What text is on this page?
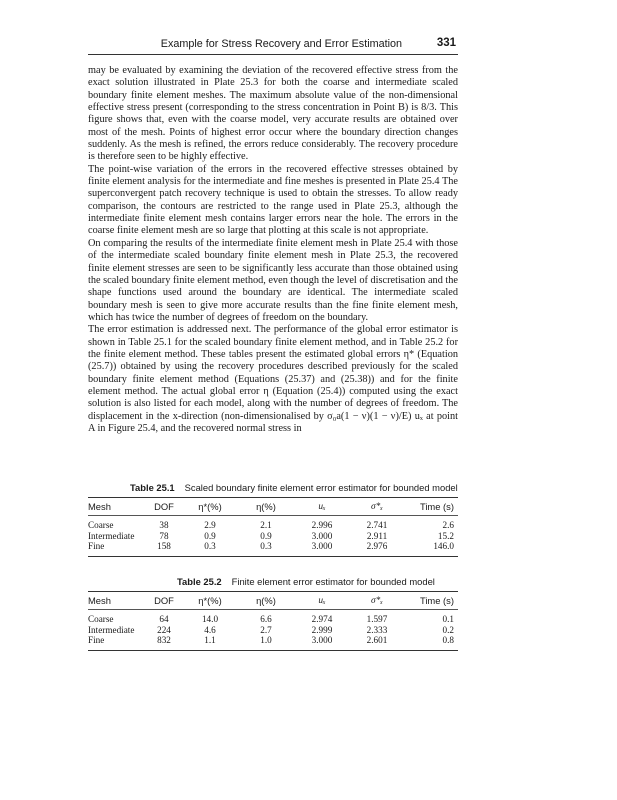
Example for Stress Recovery and Error Estimation	331

may be evaluated by examining the deviation of the recovered effective stress from the exact solution illustrated in Plate 25.3 for both the coarse and intermediate scaled boundary finite element meshes. The maximum absolute value of the non-dimensional effective stress present (corresponding to the stress concentration in Point B) is 8/3. This figure shows that, even with the coarse model, very accurate results are obtained over most of the mesh. Points of highest error occur where the boundary direction changes suddenly. As the mesh is refined, the errors reduce considerably. The recovery procedure is therefore seen to be highly effective.

The point-wise variation of the errors in the recovered effective stresses obtained by finite element analysis for the intermediate and fine meshes is presented in Plate 25.4 The superconvergent patch recovery technique is used to obtain the stresses. To allow ready comparison, the contours are restricted to the range used in Plate 25.3, although the intermediate finite element mesh contains larger errors near the hole. The errors in the coarse finite element mesh are so large that plotting at this scale is not appropriate.

On comparing the results of the intermediate finite element mesh in Plate 25.4 with those of the intermediate scaled boundary finite element mesh in Plate 25.3, the recovered finite element stresses are seen to be significantly less accurate than those obtained using the scaled boundary finite element method, even though the level of discretisation and the shape functions used around the boundary are identical. The intermediate scaled boundary mesh is seen to give more accurate results than the fine finite element mesh, which has twice the number of degrees of freedom on the boundary.

The error estimation is addressed next. The performance of the global error estimator is shown in Table 25.1 for the scaled boundary finite element method, and in Table 25.2 for the finite element method. These tables present the estimated global errors η* (Equation (25.7)) obtained by using the recovery procedures described previously for the scaled boundary finite element method (Equations (25.37) and (25.38)) and for the finite element method. The actual global error η (Equation (25.4)) computed using the exact solution is also listed for each model, along with the number of degrees of freedom. The displacement in the x-direction (non-dimensionalised by σ₀a(1 − ν)(1 − ν)/E) uₓ at point A in Figure 25.4, and the recovered normal stress in

Table 25.1 Scaled boundary finite element error estimator for bounded model
Mesh	DOF	η*(%)	η(%)	uₓ	σ*ₓ	Time (s)
Coarse	38	2.9	2.1	2.996	2.741	2.6
Intermediate	78	0.9	0.9	3.000	2.911	15.2
Fine	158	0.3	0.3	3.000	2.976	146.0
Table 25.2 Finite element error estimator for bounded model
Mesh	DOF	η*(%)	η(%)	uₓ	σ*ₓ	Time (s)
Coarse	64	14.0	6.6	2.974	1.597	0.1
Intermediate	224	4.6	2.7	2.999	2.333	0.2
Fine	832	1.1	1.0	3.000	2.601	0.8
